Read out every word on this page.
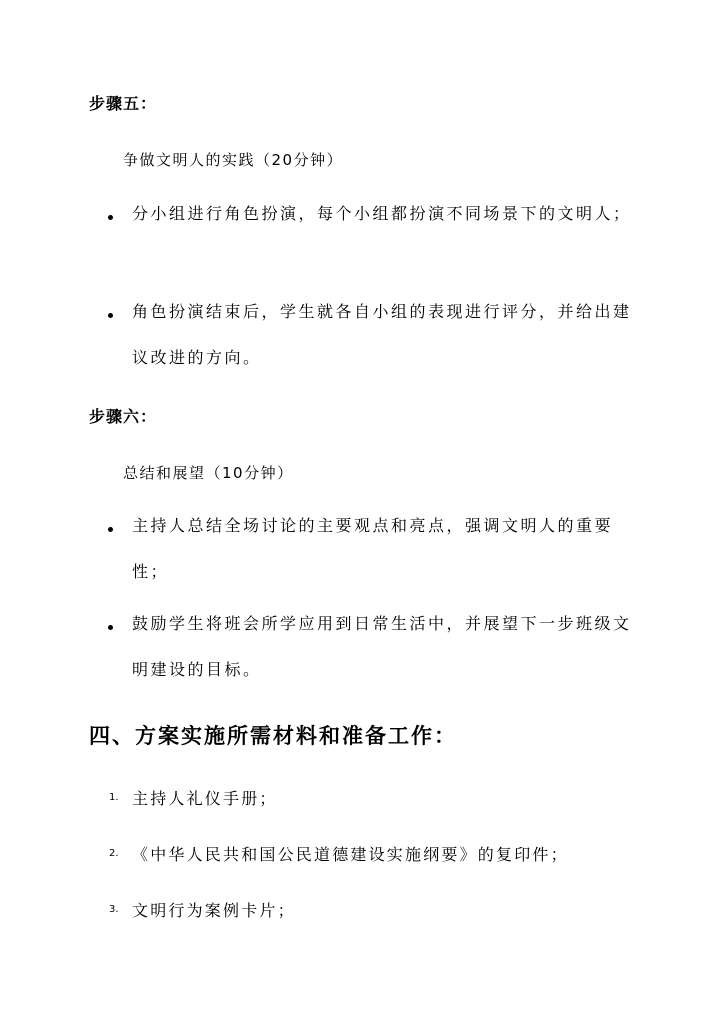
步骤五：
争做文明人的实践（20分钟）
分小组进行角色扮演，每个小组都扮演不同场景下的文明人；
角色扮演结束后，学生就各自小组的表现进行评分，并给出建议改进的方向。
步骤六：
总结和展望（10分钟）
主持人总结全场讨论的主要观点和亮点，强调文明人的重要性；
鼓励学生将班会所学应用到日常生活中，并展望下一步班级文明建设的目标。
四、方案实施所需材料和准备工作：
1. 主持人礼仪手册；
2. 《中华人民共和国公民道德建设实施纲要》的复印件；
3. 文明行为案例卡片；
